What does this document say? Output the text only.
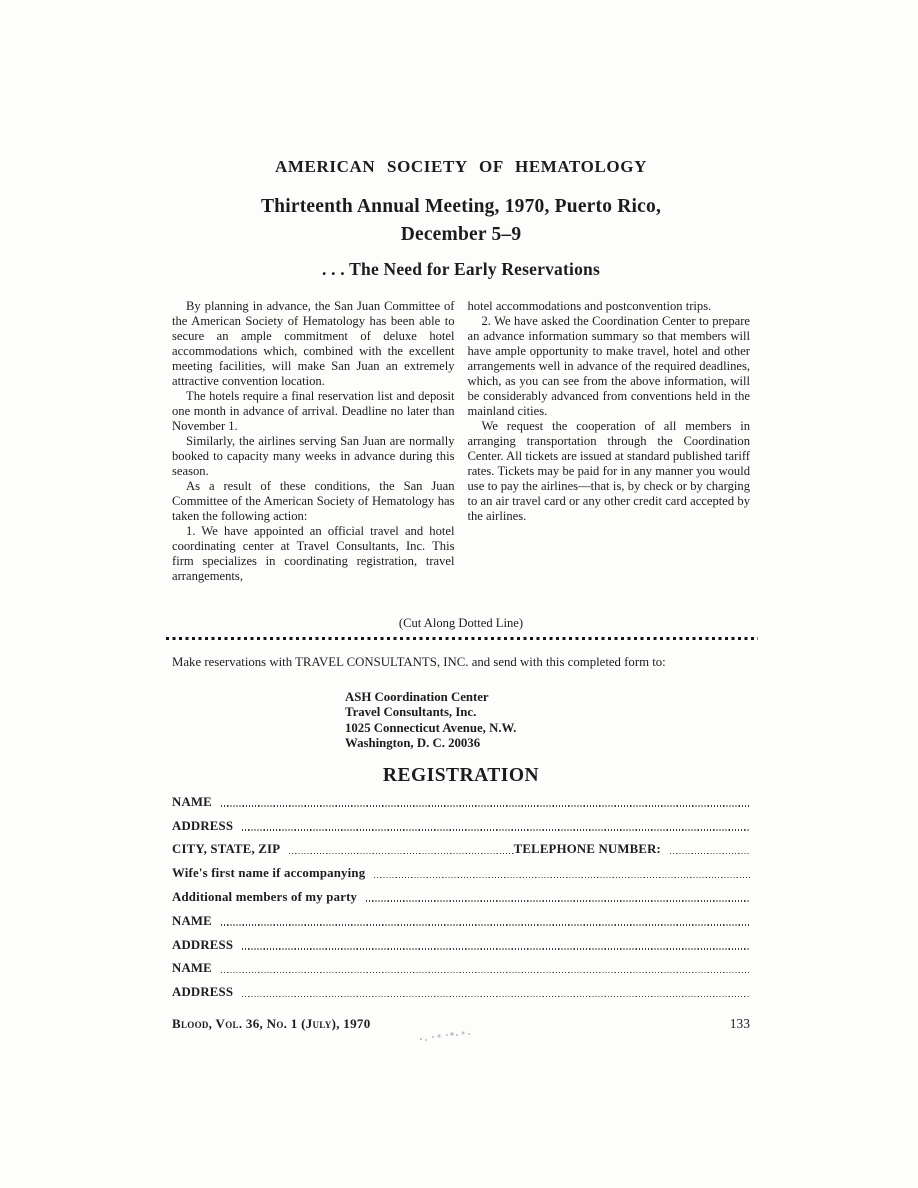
AMERICAN SOCIETY OF HEMATOLOGY
Thirteenth Annual Meeting, 1970, Puerto Rico,
December 5–9
. . . The Need for Early Reservations

By planning in advance, the San Juan Committee of the American Society of Hematology has been able to secure an ample commitment of deluxe hotel accommodations which, combined with the excellent meeting facilities, will make San Juan an extremely attractive convention location.

The hotels require a final reservation list and deposit one month in advance of arrival. Deadline no later than November 1.

Similarly, the airlines serving San Juan are normally booked to capacity many weeks in advance during this season.

As a result of these conditions, the San Juan Committee of the American Society of Hematology has taken the following action:

1. We have appointed an official travel and hotel coordinating center at Travel Consultants, Inc. This firm specializes in coordinating registration, travel arrangements,

hotel accommodations and postconvention trips.

2. We have asked the Coordination Center to prepare an advance information summary so that members will have ample opportunity to make travel, hotel and other arrangements well in advance of the required deadlines, which, as you can see from the above information, will be considerably advanced from conventions held in the mainland cities.

We request the cooperation of all members in arranging transportation through the Coordination Center. All tickets are issued at standard published tariff rates. Tickets may be paid for in any manner you would use to pay the airlines—that is, by check or by charging to an air travel card or any other credit card accepted by the airlines.

(Cut Along Dotted Line)
Make reservations with TRAVEL CONSULTANTS, INC. and send with this completed form to:
ASH Coordination Center
Travel Consultants, Inc.
1025 Connecticut Avenue, N.W.
Washington, D. C. 20036
REGISTRATION
NAME
ADDRESS
CITY, STATE, ZIP	TELEPHONE NUMBER:
Wife's first name if accompanying
Additional members of my party
NAME
ADDRESS
NAME
ADDRESS
Blood, Vol. 36, No. 1 (July), 1970	133
